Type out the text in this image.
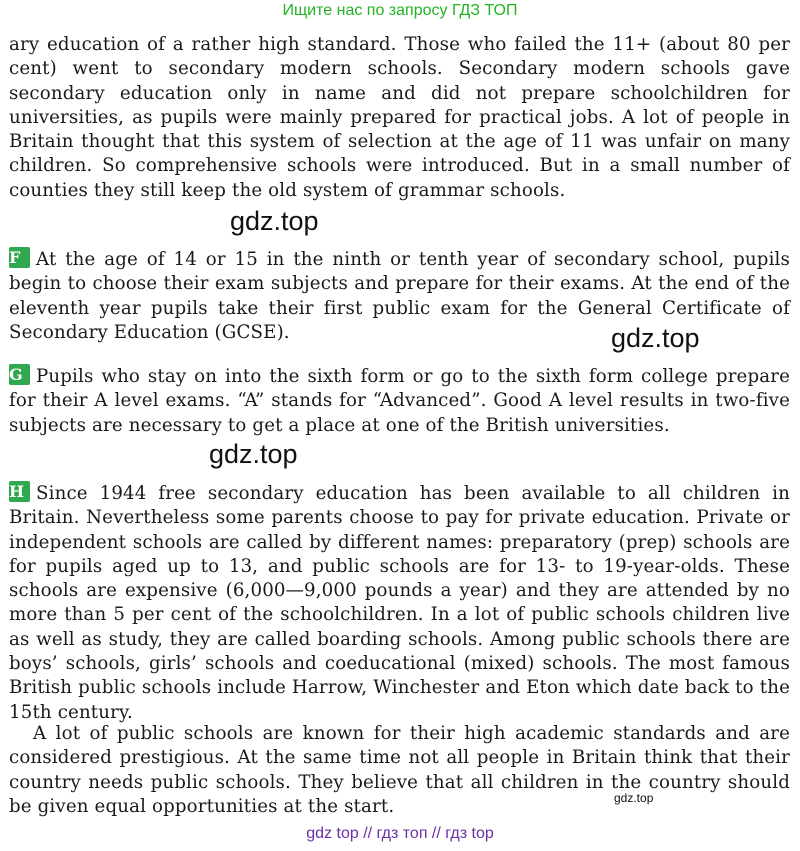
Ищите нас по запросу ГДЗ ТОП

ary education of a rather high standard. Those who failed the 11+ (about 80 per cent) went to secondary modern schools. Secondary modern schools gave secondary education only in name and did not prepare schoolchildren for universities, as pupils were mainly prepared for practical jobs. A lot of people in Britain thought that this system of selection at the age of 11 was unfair on many children. So comprehensive schools were introduced. But in a small number of counties they still keep the old system of grammar schools.

gdz.top

F At the age of 14 or 15 in the ninth or tenth year of secondary school, pupils begin to choose their exam subjects and prepare for their exams. At the end of the eleventh year pupils take their first public exam for the General Certificate of Secondary Education (GCSE).	gdz.top

G Pupils who stay on into the sixth form or go to the sixth form college prepare for their A level exams. “A” stands for “Advanced”. Good A level results in two-five subjects are necessary to get a place at one of the British universities.

gdz.top

H Since 1944 free secondary education has been available to all children in Britain. Nevertheless some parents choose to pay for private education. Private or independent schools are called by different names: preparatory (prep) schools are for pupils aged up to 13, and public schools are for 13- to 19-year-olds. These schools are expensive (6,000—9,000 pounds a year) and they are attended by no more than 5 per cent of the schoolchildren. In a lot of public schools children live as well as study, they are called boarding schools. Among public schools there are boys’ schools, girls’ schools and coeducational (mixed) schools. The most famous British public schools include Harrow, Winchester and Eton which date back to the 15th century.

A lot of public schools are known for their high academic standards and are considered prestigious. At the same time not all people in Britain think that their country needs public schools. They believe that all children in the country should be given equal opportunities at the start.	gdz.top
gdz top // гдз топ // гдз top
